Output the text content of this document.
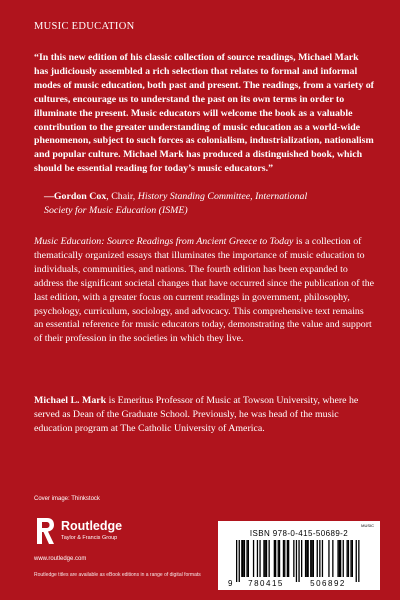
MUSIC EDUCATION

“In this new edition of his classic collection of source readings, Michael Mark has judiciously assembled a rich selection that relates to formal and informal modes of music education, both past and present. The readings, from a variety of cultures, encourage us to understand the past on its own terms in order to illuminate the present. Music educators will welcome the book as a valuable contribution to the greater understanding of music education as a world-wide phenomenon, subject to such forces as colonialism, industrialization, nationalism and popular culture. Michael Mark has produced a distinguished book, which should be essential reading for today’s music educators.”

—Gordon Cox, Chair, History Standing Committee, International
Society for Music Education (ISME)

Music Education: Source Readings from Ancient Greece to Today is a collection of thematically organized essays that illuminates the importance of music education to individuals, communities, and nations. The fourth edition has been expanded to address the significant societal changes that have occurred since the publication of the last edition, with a greater focus on current readings in government, philosophy, psychology, curriculum, sociology, and advocacy. This comprehensive text remains an essential reference for music educators today, demonstrating the value and support of their profession in the societies in which they live.

Michael L. Mark is Emeritus Professor of Music at Towson University, where he served as Dean of the Graduate School. Previously, he was head of the music education program at The Catholic University of America.

Cover image: Thinkstock
Routledge
Taylor & Francis Group
www.routledge.com
Routledge titles are available as eBook editions in a range of digital formats
MUSIC
ISBN 978-0-415-50689-2
9 780415	506892
